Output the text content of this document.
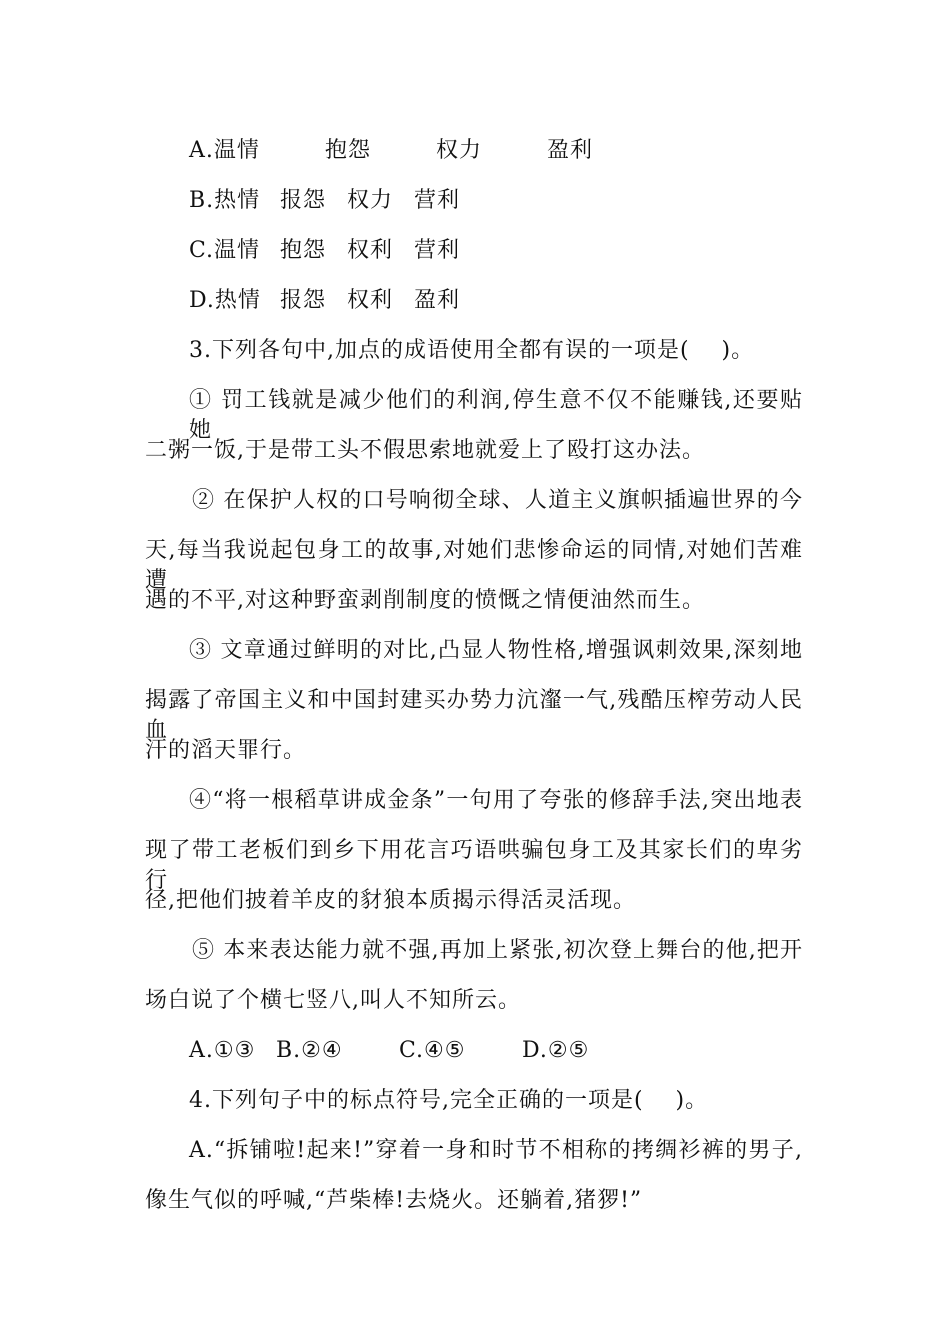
A.温情	抱怨	权力	盈利
B.热情 报怨 权力 营利
C.温情 抱怨 权利 营利
D.热情 报怨 权利 盈利
3.下列各句中,加点的成语使用全都有误的一项是(    )。
① 罚工钱就是减少他们的利润,停生意不仅不能赚钱,还要贴她
二粥一饭,于是带工头不假思索地就爱上了殴打这办法。
② 在保护人权的口号响彻全球、人道主义旗帜插遍世界的今
天,每当我说起包身工的故事,对她们悲惨命运的同情,对她们苦难遭
遇的不平,对这种野蛮剥削制度的愤慨之情便油然而生。
③ 文章通过鲜明的对比,凸显人物性格,增强讽刺效果,深刻地
揭露了帝国主义和中国封建买办势力沆瀣一气,残酷压榨劳动人民血
汗的滔天罪行。
④“将一根稻草讲成金条”一句用了夸张的修辞手法,突出地表
现了带工老板们到乡下用花言巧语哄骗包身工及其家长们的卑劣行
径,把他们披着羊皮的豺狼本质揭示得活灵活现。
⑤ 本来表达能力就不强,再加上紧张,初次登上舞台的他,把开
场白说了个横七竖八,叫人不知所云。
A.①③ B.②④	C.④⑤	D.②⑤
4.下列句子中的标点符号,完全正确的一项是(    )。
A.“拆铺啦!起来!”穿着一身和时节不相称的拷绸衫裤的男子,
像生气似的呼喊,“芦柴棒!去烧火。还躺着,猪猡!”
